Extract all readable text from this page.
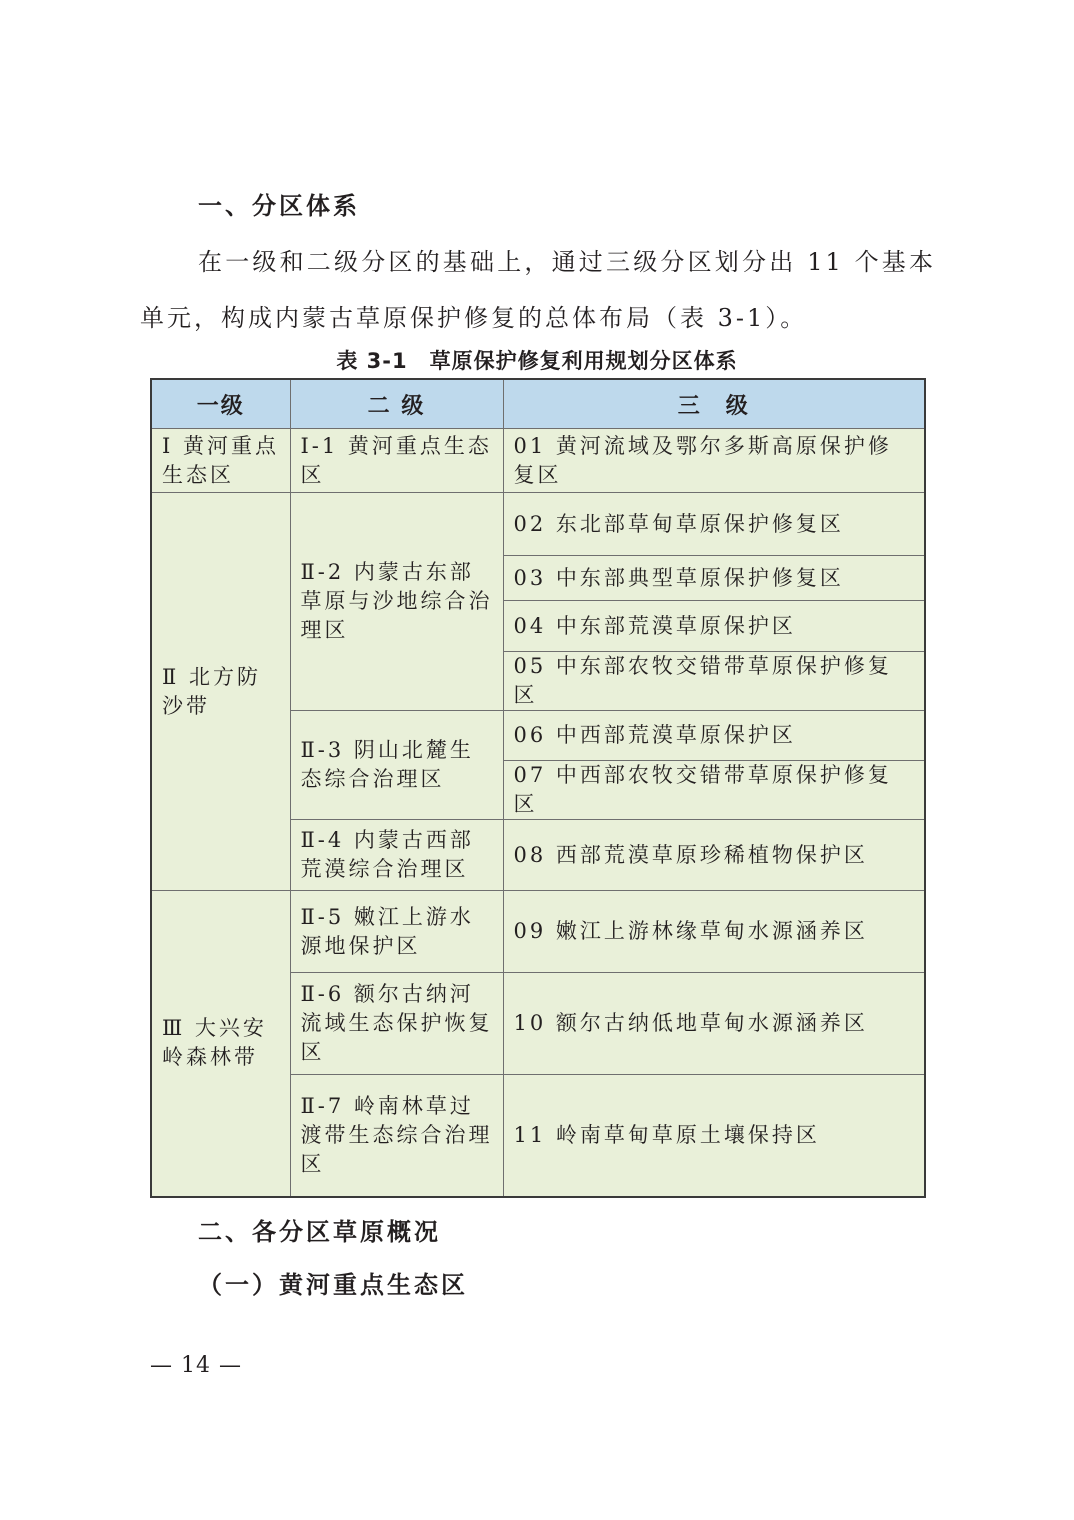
一、分区体系

在一级和二级分区的基础上，通过三级分区划分出 11 个基本单元，构成内蒙古草原保护修复的总体布局（表 3-1）。

表 3-1　草原保护修复利用规划分区体系

一级	二 级	三　级
Ⅰ 黄河重点生态区	Ⅰ-1 黄河重点生态区	01 黄河流域及鄂尔多斯高原保护修复区
Ⅱ 北方防沙带	Ⅱ-2 内蒙古东部草原与沙地综合治理区	02 东北部草甸草原保护修复区
		03 中东部典型草原保护修复区
		04 中东部荒漠草原保护区
		05 中东部农牧交错带草原保护修复区
	Ⅱ-3 阴山北麓生态综合治理区	06 中西部荒漠草原保护区
		07 中西部农牧交错带草原保护修复区
	Ⅱ-4 内蒙古西部荒漠综合治理区	08 西部荒漠草原珍稀植物保护区
Ⅲ 大兴安岭森林带	Ⅱ-5 嫩江上游水源地保护区	09 嫩江上游林缘草甸水源涵养区
	Ⅱ-6 额尔古纳河流域生态保护恢复区	10 额尔古纳低地草甸水源涵养区
	Ⅱ-7 岭南林草过渡带生态综合治理区	11 岭南草甸草原土壤保持区
二、各分区草原概况
（一）黄河重点生态区

— 14 —
